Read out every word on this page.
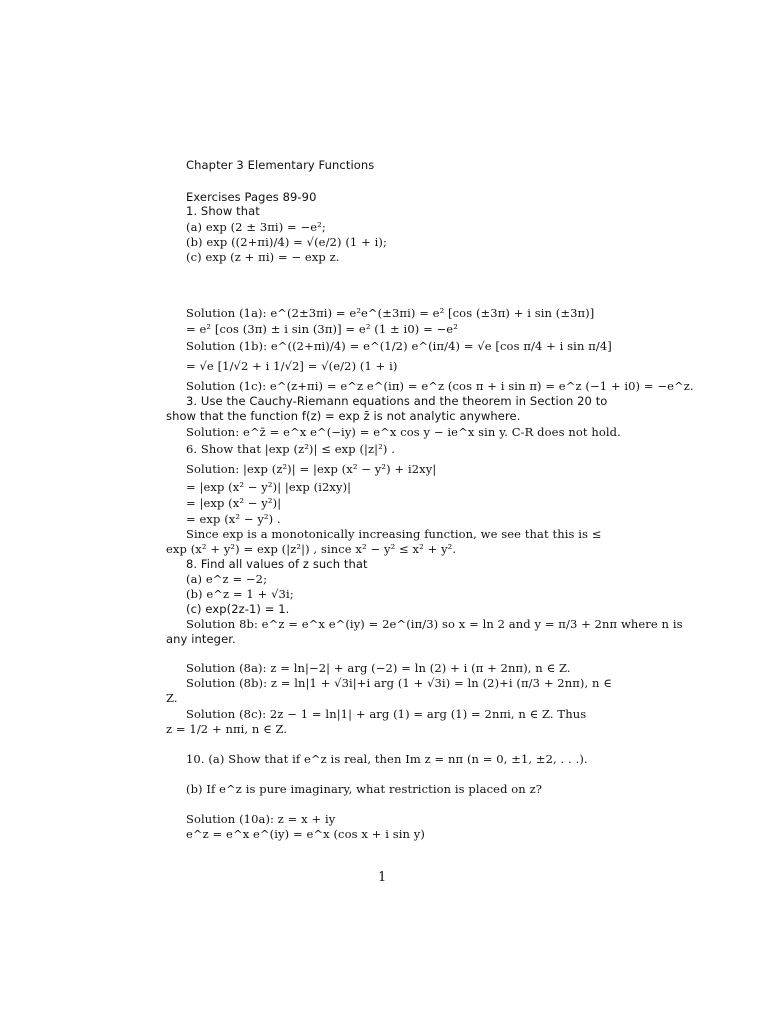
Chapter 3 Elementary Functions
Exercises Pages 89-90
1. Show that
(a) exp (2 ± 3πi) = −e²;
(b) exp ((2+πi)/4) = √(e/2) (1 + i);
(c) exp (z + πi) = − exp z.
Solution (1a): e^(2±3πi) = e²e^(±3πi) = e² [cos (±3π) + i sin (±3π)]
= e² [cos (3π) ± i sin (3π)] = e² (1 ± i0) = −e²
Solution (1b): e^((2+πi)/4) = e^(1/2) e^(iπ/4) = √e [cos π/4 + i sin π/4]
= √e [1/√2 + i 1/√2] = √(e/2) (1 + i)
Solution (1c): e^(z+πi) = e^z e^(iπ) = e^z (cos π + i sin π) = e^z (−1 + i0) = −e^z.
3. Use the Cauchy-Riemann equations and the theorem in Section 20 to
show that the function f(z) = exp z̄ is not analytic anywhere.
Solution: e^z̄ = e^x e^(−iy) = e^x cos y − ie^x sin y. C-R does not hold.
6. Show that |exp (z²)| ≤ exp (|z|²) .
Solution: |exp (z²)| = |exp (x² − y²) + i2xy|
= |exp (x² − y²)| |exp (i2xy)|
= |exp (x² − y²)|
= exp (x² − y²) .
Since exp is a monotonically increasing function, we see that this is ≤
exp (x² + y²) = exp (|z²|) , since x² − y² ≤ x² + y².
8. Find all values of z such that
(a) e^z = −2;
(b) e^z = 1 + √3i;
(c) exp(2z-1) = 1.
Solution 8b: e^z = e^x e^(iy) = 2e^(iπ/3) so x = ln 2 and y = π/3 + 2nπ where n is
any integer.
Solution (8a): z = ln|−2| + arg (−2) = ln (2) + i (π + 2nπ), n ∈ Z.
Solution (8b): z = ln|1 + √3i|+i arg (1 + √3i) = ln (2)+i (π/3 + 2nπ), n ∈
Z.
Solution (8c): 2z − 1 = ln|1| + arg (1) = arg (1) = 2nπi, n ∈ Z. Thus
z = 1/2 + nπi, n ∈ Z.
10. (a) Show that if e^z is real, then Im z = nπ (n = 0, ±1, ±2, . . .).
(b) If e^z is pure imaginary, what restriction is placed on z?
Solution (10a): z = x + iy
e^z = e^x e^(iy) = e^x (cos x + i sin y)
1
